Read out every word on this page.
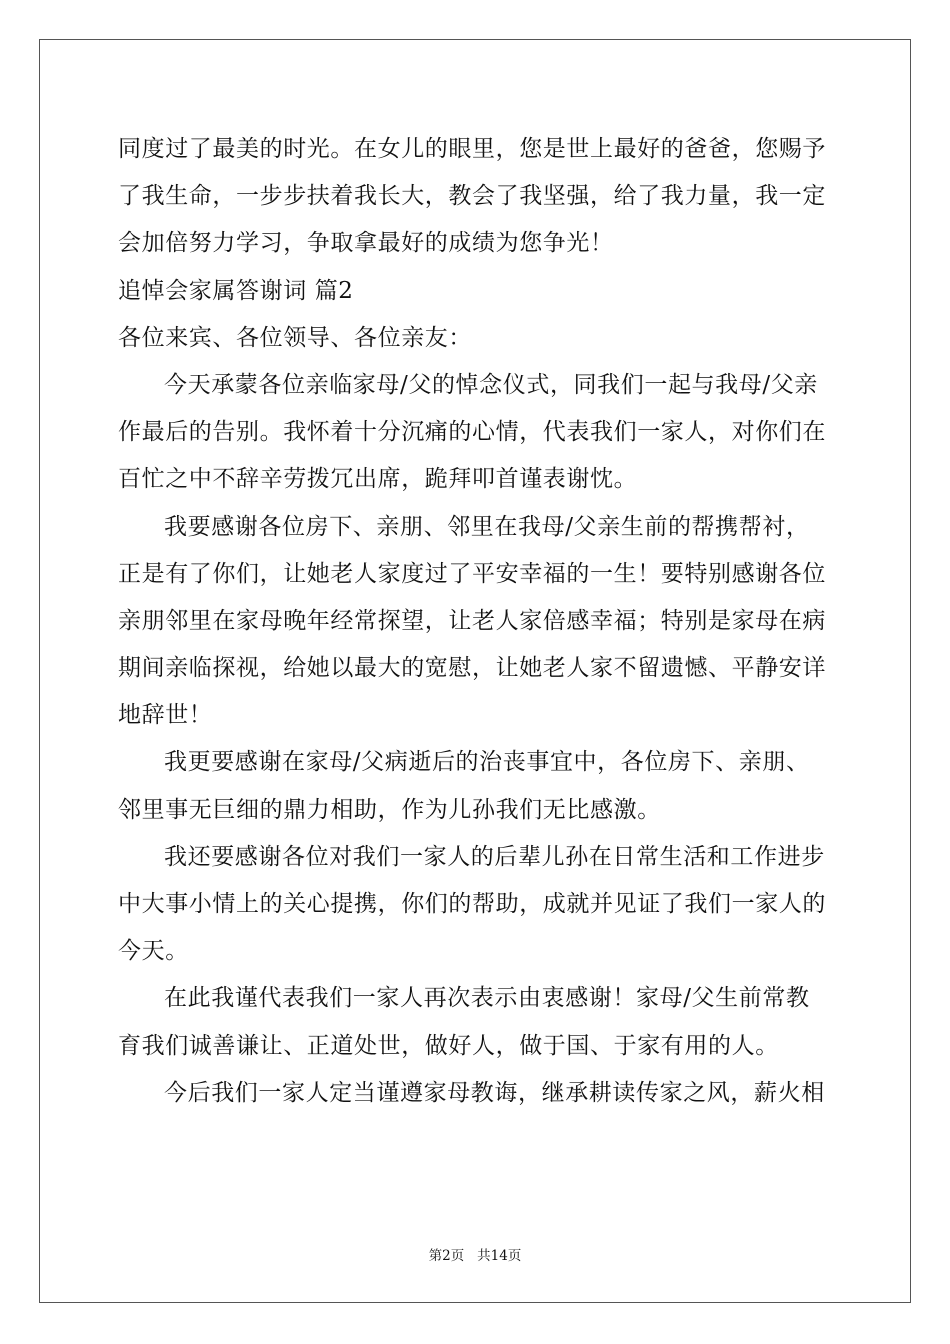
同度过了最美的时光。在女儿的眼里，您是世上最好的爸爸，您赐予
了我生命，一步步扶着我长大，教会了我坚强，给了我力量，我一定
会加倍努力学习，争取拿最好的成绩为您争光！
追悼会家属答谢词 篇2
各位来宾、各位领导、各位亲友：
今天承蒙各位亲临家母/父的悼念仪式，同我们一起与我母/父亲
作最后的告别。我怀着十分沉痛的心情，代表我们一家人，对你们在
百忙之中不辞辛劳拨冗出席，跪拜叩首谨表谢忱。
我要感谢各位房下、亲朋、邻里在我母/父亲生前的帮携帮衬，
正是有了你们，让她老人家度过了平安幸福的一生！要特别感谢各位
亲朋邻里在家母晚年经常探望，让老人家倍感幸福；特别是家母在病
期间亲临探视，给她以最大的宽慰，让她老人家不留遗憾、平静安详
地辞世！
我更要感谢在家母/父病逝后的治丧事宜中，各位房下、亲朋、
邻里事无巨细的鼎力相助，作为儿孙我们无比感激。
我还要感谢各位对我们一家人的后辈儿孙在日常生活和工作进步
中大事小情上的关心提携，你们的帮助，成就并见证了我们一家人的
今天。
在此我谨代表我们一家人再次表示由衷感谢！家母/父生前常教
育我们诚善谦让、正道处世，做好人，做于国、于家有用的人。
今后我们一家人定当谨遵家母教诲，继承耕读传家之风，薪火相
第2页 共14页
